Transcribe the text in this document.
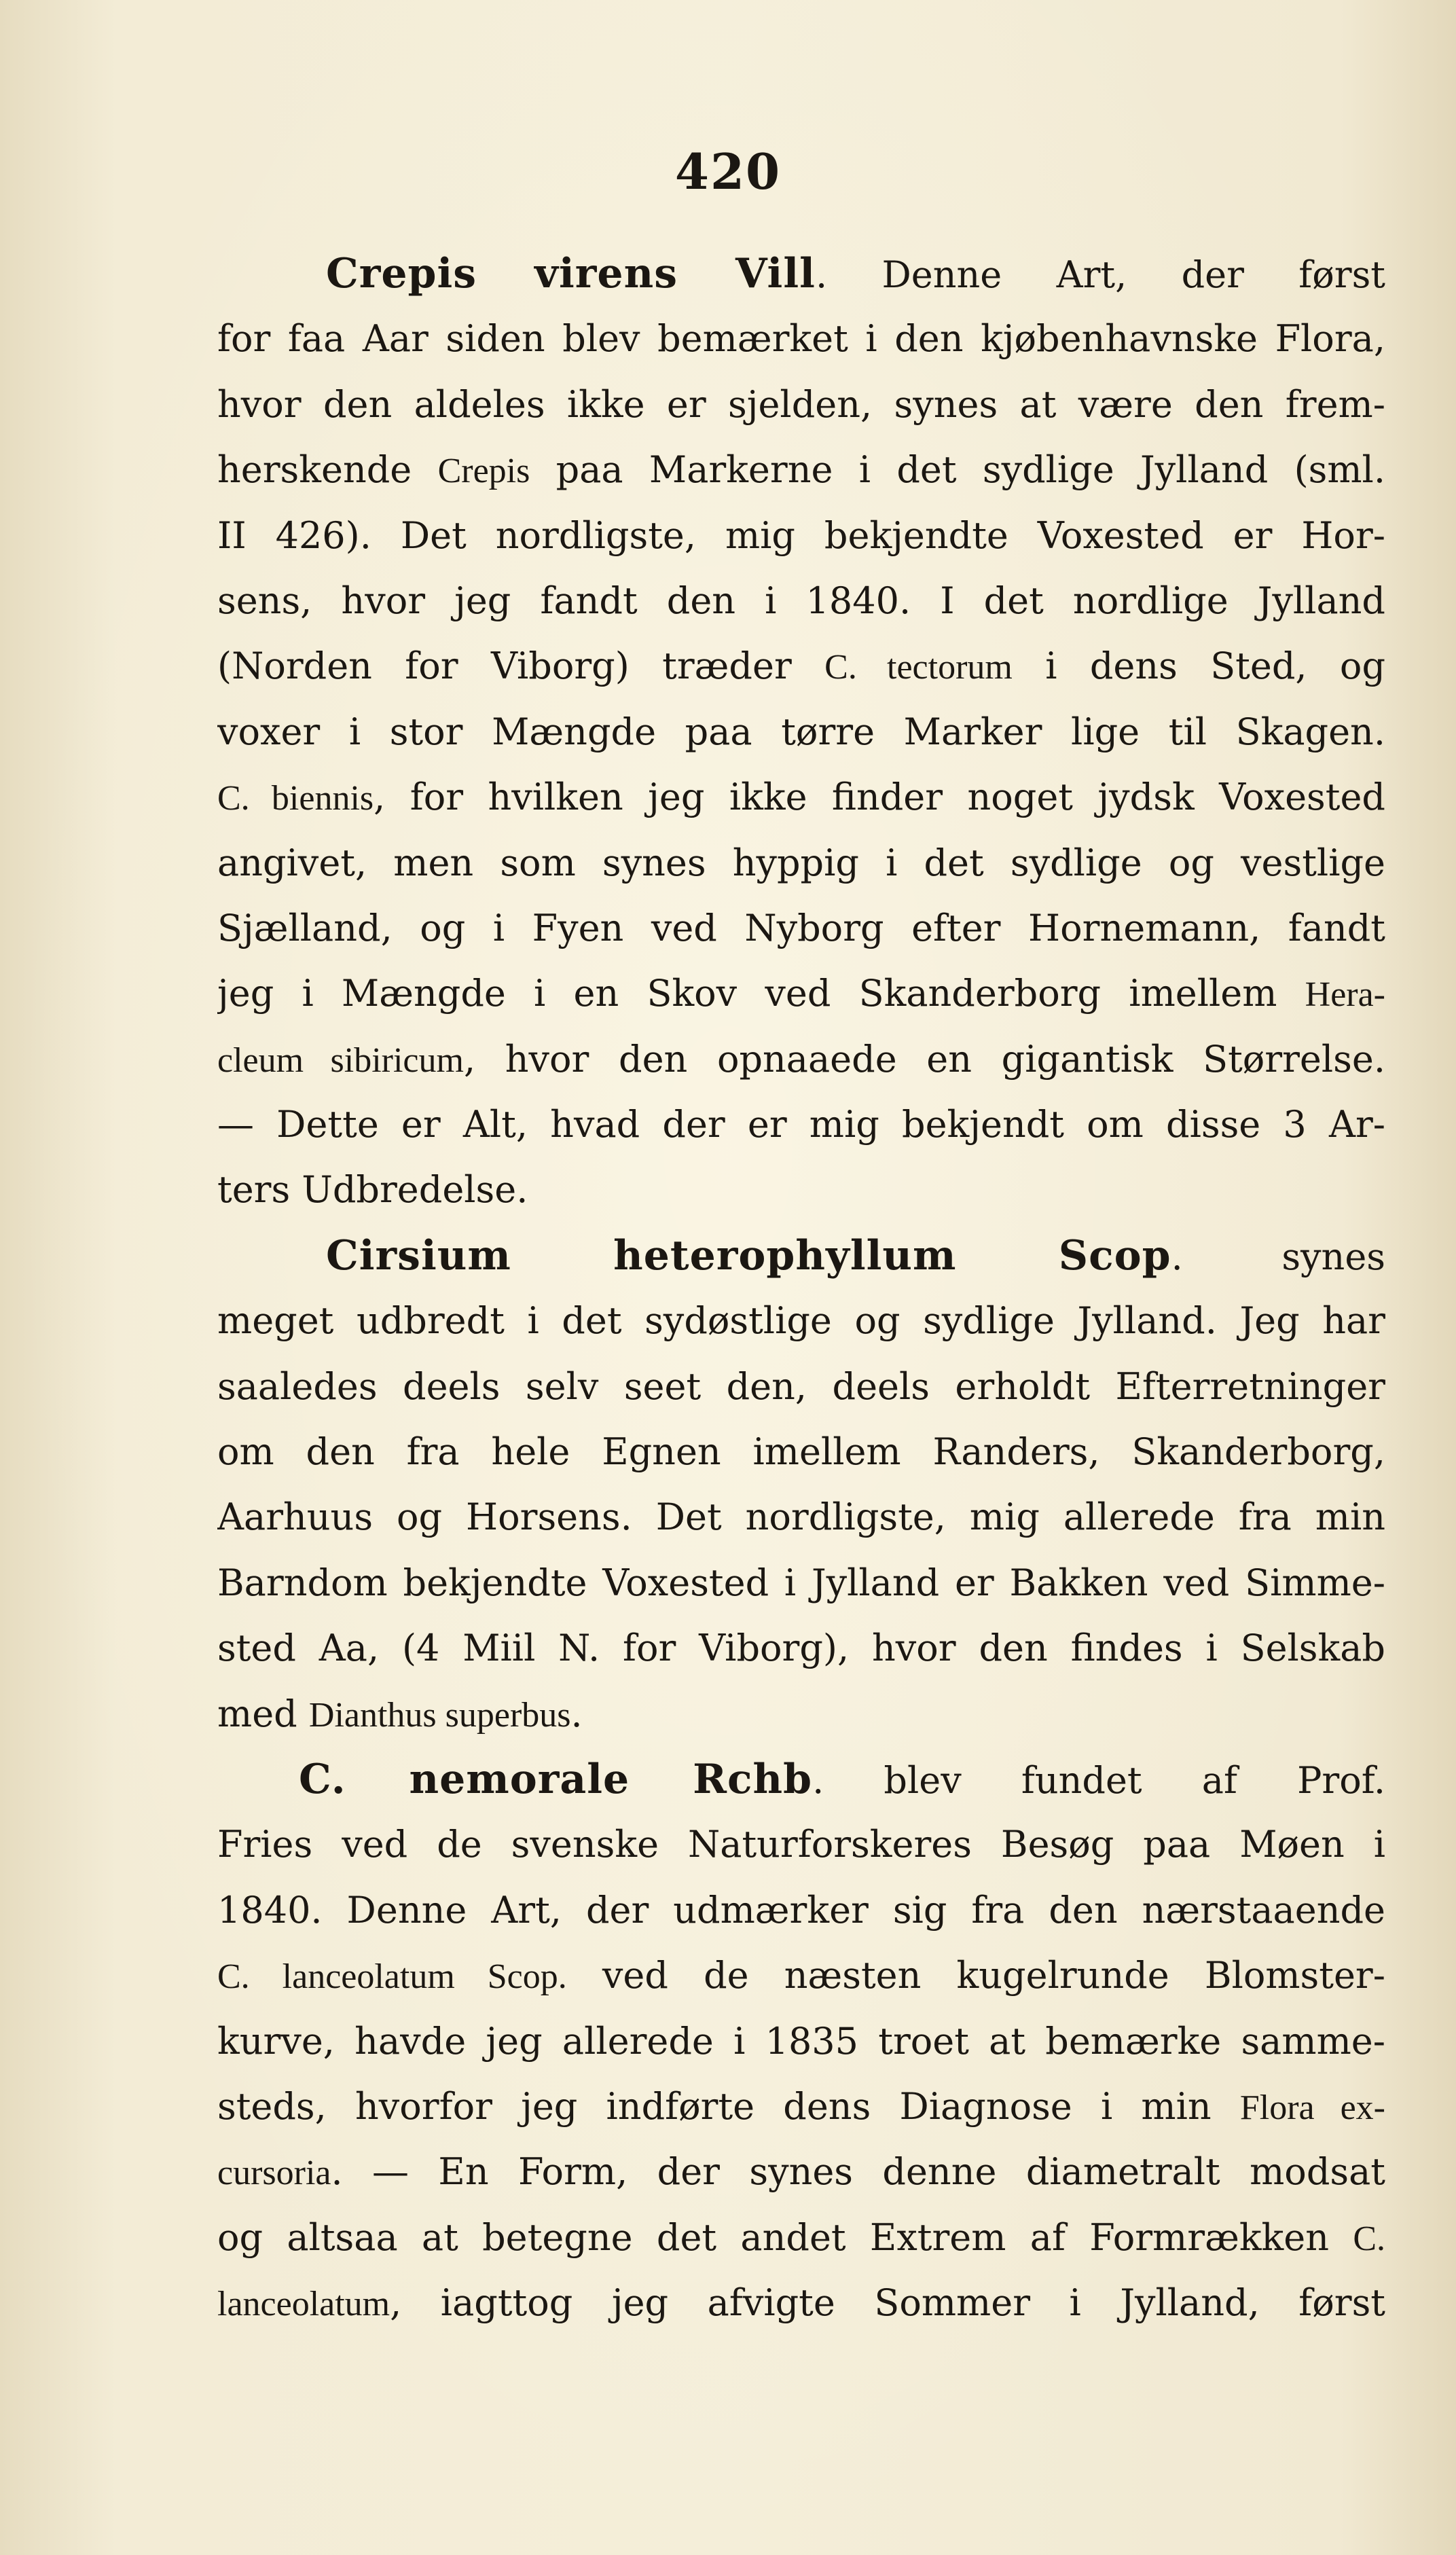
420
Crepis virens Vill. Denne Art, der først
for faa Aar siden blev bemærket i den kjøbenhavnske Flora,
hvor den aldeles ikke er sjelden, synes at være den frem-
herskende Crepis paa Markerne i det sydlige Jylland (sml.
II 426). Det nordligste, mig bekjendte Voxested er Hor-
sens, hvor jeg fandt den i 1840. I det nordlige Jylland
(Norden for Viborg) træder C. tectorum i dens Sted, og
voxer i stor Mængde paa tørre Marker lige til Skagen.
C. biennis, for hvilken jeg ikke finder noget jydsk Voxested
angivet, men som synes hyppig i det sydlige og vestlige
Sjælland, og i Fyen ved Nyborg efter Hornemann, fandt
jeg i Mængde i en Skov ved Skanderborg imellem Hera-
cleum sibiricum, hvor den opnaaede en gigantisk Størrelse.
— Dette er Alt, hvad der er mig bekjendt om disse 3 Ar-
ters Udbredelse.
Cirsium heterophyllum Scop. synes
meget udbredt i det sydøstlige og sydlige Jylland. Jeg har
saaledes deels selv seet den, deels erholdt Efterretninger
om den fra hele Egnen imellem Randers, Skanderborg,
Aarhuus og Horsens. Det nordligste, mig allerede fra min
Barndom bekjendte Voxested i Jylland er Bakken ved Simme-
sted Aa, (4 Miil N. for Viborg), hvor den findes i Selskab
med Dianthus superbus.
C. nemorale Rchb. blev fundet af Prof.
Fries ved de svenske Naturforskeres Besøg paa Møen i
1840. Denne Art, der udmærker sig fra den nærstaaende
C. lanceolatum Scop. ved de næsten kugelrunde Blomster-
kurve, havde jeg allerede i 1835 troet at bemærke samme-
steds, hvorfor jeg indførte dens Diagnose i min Flora ex-
cursoria. — En Form, der synes denne diametralt modsat
og altsaa at betegne det andet Extrem af Formrækken C.
lanceolatum, iagttog jeg afvigte Sommer i Jylland, først
